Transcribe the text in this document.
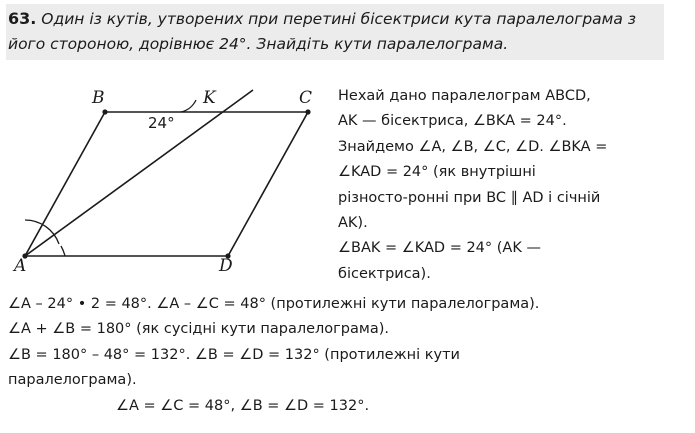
63. Один із кутів, утворених при перетині бісектриси кута паралелограма з його стороною, дорівнює 24°. Знайдіть кути паралелограма.
B	K	C
A	D
24°

Нехай дано паралелограм ABCD,

AK — бісектриса, ∠BKA = 24°.

Знайдемо ∠A, ∠B, ∠C, ∠D. ∠BKA =

∠KAD = 24° (як внутрішні

різносто-ронні при BC ∥ AD і січній

AK).

∠BAK = ∠KAD = 24° (AK —

бісектриса).

∠A – 24° • 2 = 48°. ∠A – ∠C = 48° (протилежні кути паралелограма).

∠A + ∠B = 180° (як сусідні кути паралелограма).

∠B = 180° – 48° = 132°. ∠B = ∠D = 132° (протилежні кути

паралелограма).

∠A = ∠C = 48°, ∠B = ∠D = 132°.
